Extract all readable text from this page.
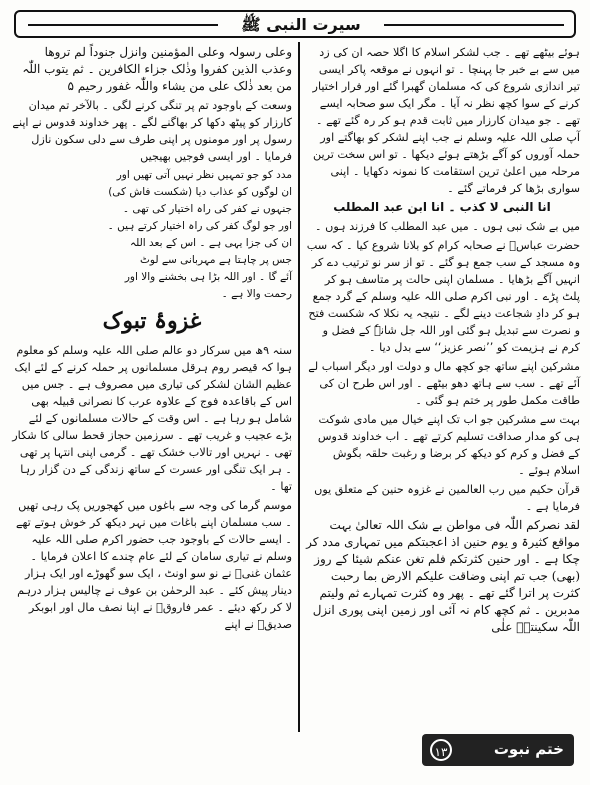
سیرت النبی ﷺ

ہوئے بیٹھے تھے ۔ جب لشکر اسلام کا اگلا حصہ ان کی زد میں سے بے خبر جا پہنچا ۔ تو انہوں نے موقعہ پاکر ایسی تیر اندازی شروع کی کہ مسلمان گھبرا گئے اور فرار اختیار کرنے کے سوا کچھ نظر نہ آیا ۔ مگر ایک سو صحابہ ایسے تھے ۔ جو میدان کارزار میں ثابت قدم ہو کر رہ گئے تھے ۔ آپ صلی اللہ علیہ وسلم نے جب اپنے لشکر کو بھاگتے اور حملہ آوروں کو آگے بڑھتے ہوئے دیکھا ۔ تو اس سخت ترین مرحلہ میں اعلیٰ ترین استقامت کا نمونہ دکھایا ۔ اپنی سواری بڑھا کر فرماتے گئے ۔

انا النبی لا کذب ۔ انا ابن عبد المطلب

میں بے شک نبی ہوں ۔ میں عبد المطلب کا فرزند ہوں ۔

حضرت عباسؓ نے صحابہ کرام کو بلانا شروع کیا ۔ کہ سب وہ مسجد کے سب جمع ہو گئے ۔ تو از سر نو ترتیب دے کر انہیں آگے بڑھایا ۔ مسلمان اپنی حالت پر متاسف ہو کر پلٹ پڑے ۔ اور نبی اکرم صلی اللہ علیہ وسلم کے گرد جمع ہو کر دادِ شجاعت دینے لگے ۔ نتیجہ یہ نکلا کہ شکست فتح و نصرت سے تبدیل ہو گئی اور اللہ جل شانہٗ کے فضل و کرم نے ہزیمت کو ’’نصر عزیز‘‘ سے بدل دیا ۔

مشرکین اپنے ساتھ جو کچھ مال و دولت اور دیگر اسباب لے آئے تھے ۔ سب سے ہاتھ دھو بیٹھے ۔ اور اس طرح ان کی طاقت مکمل طور پر ختم ہو گئی ۔

بہت سے مشرکین جو اب تک اپنے خیال میں مادی شوکت ہی کو مدار صداقت تسلیم کرتے تھے ۔ اب خداوند قدوس کے فضل و کرم کو دیکھ کر برضا و رغبت حلقہ بگوش اسلام ہوئے ۔

قرآن حکیم میں رب العالمین نے غزوہ حنین کے متعلق یوں فرمایا ہے ۔

لقد نصرکم اللّٰہ فی مواطن بے شک اللہ تعالیٰ بہت مواقع کثیرۃ و یوم حنین اذ اعجبتکم میں تمہاری مدد کر چکا ہے ۔ اور حنین کثرتکم فلم تغن عنکم شیئا کے روز (بھی) جب تم اپنی وضاقت علیکم الارض بما رحبت کثرت پر اترا گئے تھے ۔ پھر وہ کثرت تمہارے ثم ولیتم مدبرین ۔ ثم کچھ کام نہ آئی اور زمین اپنی پوری انزل اللّٰہ سکینتہٗ علٰی

وعلی رسولہ وعلی المؤمنین وانزل جنوداً لم تروھا وعذب الذین کفروا وذٰلک جزاء الکافرین ۔ ثم یتوب اللّٰہ من بعد ذٰلک علی من یشاء واللّٰہ غفور رحیم ۵

وسعت کے باوجود تم پر تنگی کرنے لگی ۔ بالآخر تم میدان کارزار کو پیٹھ دکھا کر بھاگنے لگے ۔ پھر خداوند قدوس نے اپنے رسول پر اور مومنوں پر اپنی طرف سے دلی سکون نازل فرمایا ۔ اور ایسی فوجیں بھیجیں

مدد کو جو تمہیں نظر نہیں آتی تھیں اور
ان لوگوں کو عذاب دیا (شکست فاش کی)
جنہوں نے کفر کی راہ اختیار کی تھی ۔
اور جو لوگ کفر کی راہ اختیار کرتے ہیں ۔
ان کی جزا یہی ہے ۔ اس کے بعد اللہ
جس پر چاہتا ہے مہربانی سے لوٹ
آئے گا ۔ اور اللہ بڑا ہی بخشنے والا اور
رحمت والا ہے ۔
غزوۂ تبوک

سنہ ۹ھ میں سرکار دو عالم صلی اللہ علیہ وسلم کو معلوم ہوا کہ قیصر روم ہرقل مسلمانوں پر حملہ کرنے کے لئے ایک عظیم الشان لشکر کی تیاری میں مصروف ہے ۔ جس میں اس کے باقاعدہ فوج کے علاوہ عرب کا نصرانی قبیلہ بھی شامل ہو رہا ہے ۔ اس وقت کے حالات مسلمانوں کے لئے بڑے عجیب و غریب تھے ۔ سرزمین حجاز قحط سالی کا شکار تھی ۔ نہریں اور تالاب خشک تھے ۔ گرمی اپنی انتہا پر تھی ۔ ہر ایک تنگی اور عسرت کے ساتھ زندگی کے دن گزار رہا تھا ۔

موسم گرما کی وجہ سے باغوں میں کھجوریں پک رہی تھیں ۔ سب مسلمان اپنے باغات میں نہر دیکھ کر خوش ہوتے تھے ۔ ایسے حالات کے باوجود جب حضور اکرم صلی اللہ علیہ وسلم نے تیاری سامان کے لئے عام چندے کا اعلان فرمایا ۔ عثمان غنیؓ نے نو سو اونٹ ، ایک سو گھوڑے اور ایک ہزار دینار پیش کئے ۔ عبد الرحمٰن بن عوف نے چالیس ہزار درہم لا کر رکھ دیئے ۔ عمر فاروقؓ نے اپنا نصف مال اور ابوبکر صدیقؓ نے اپنے

ختم نبوت
۱۳
